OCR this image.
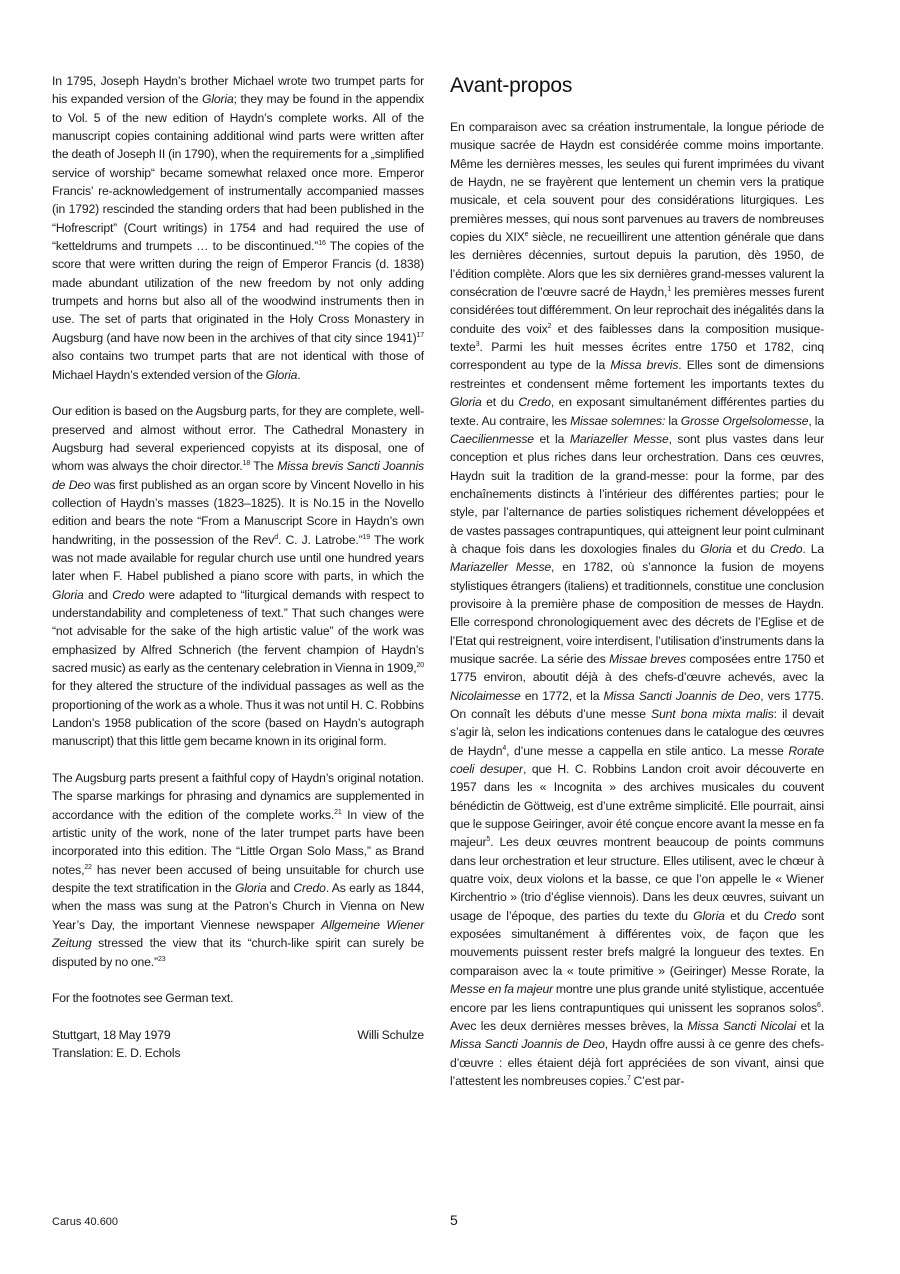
In 1795, Joseph Haydn’s brother Michael wrote two trumpet parts for his expanded version of the Gloria; they may be found in the appendix to Vol. 5 of the new edition of Haydn’s complete works. All of the manuscript copies containing additional wind parts were written after the death of Joseph II (in 1790), when the requirements for a „simplified service of worship“ became somewhat relaxed once more. Emperor Francis’ re-acknowledgement of instrumentally accompanied masses (in 1792) rescinded the standing orders that had been published in the “Hofrescript” (Court writings) in 1754 and had required the use of “ketteldrums and trumpets … to be discontinued.”$^{16}$ The copies of the score that were written during the reign of Emperor Francis (d. 1838) made abundant utilization of the new freedom by not only adding trumpets and horns but also all of the woodwind instruments then in use. The set of parts that originated in the Holy Cross Monastery in Augsburg (and have now been in the archives of that city since 1941)$^{17}$ also contains two trumpet parts that are not identical with those of Michael Haydn’s extended version of the Gloria.

Our edition is based on the Augsburg parts, for they are complete, well-preserved and almost without error. The Cathedral Monastery in Augsburg had several experienced copyists at its disposal, one of whom was always the choir director.$^{18}$ The Missa brevis Sancti Joannis de Deo was first published as an organ score by Vincent Novello in his collection of Haydn’s masses (1823–1825). It is No.15 in the Novello edition and bears the note “From a Manuscript Score in Haydn’s own handwriting, in the possession of the Rev$^d$. C. J. Latrobe.”$^{19}$ The work was not made available for regular church use until one hundred years later when F. Habel published a piano score with parts, in which the Gloria and Credo were adapted to “liturgical demands with respect to understandability and completeness of text.” That such changes were “not advisable for the sake of the high artistic value” of the work was emphasized by Alfred Schnerich (the fervent champion of Haydn’s sacred music) as early as the centenary celebration in Vienna in 1909,20 for they altered the structure of the individual passages as well as the proportioning of the work as a whole. Thus it was not until H. C. Robbins Landon’s 1958 publication of the score (based on Haydn’s autograph manuscript) that this little gem became known in its original form.

The Augsburg parts present a faithful copy of Haydn’s original notation. The sparse markings for phrasing and dynamics are supplemented in accordance with the edition of the complete works.$^{21}$ In view of the artistic unity of the work, none of the later trumpet parts have been incorporated into this edition. The “Little Organ Solo Mass,” as Brand notes,$^{22}$ has never been accused of being unsuitable for church use despite the text stratification in the Gloria and Credo. As early as 1844, when the mass was sung at the Patron’s Church in Vienna on New Year’s Day, the important Viennese newspaper Allgemeine Wiener Zeitung stressed the view that its “church-like spirit can surely be disputed by no one.”$^{23}$

For the footnotes see German text.

Stuttgart, 18 May 1979	Willi Schulze
Translation: E. D. Echols

Avant-propos

En comparaison avec sa création instrumentale, la longue période de musique sacrée de Haydn est considérée comme moins importante. Même les dernières messes, les seules qui furent imprimées du vivant de Haydn, ne se frayèrent que lentement un chemin vers la pratique musicale, et cela souvent pour des considérations liturgiques. Les premières messes, qui nous sont parvenues au travers de nombreuses copies du XIXe siècle, ne recueillirent une attention générale que dans les dernières décennies, surtout depuis la parution, dès 1950, de l’édition complète. Alors que les six dernières grand-messes valurent la consécration de l’œuvre sacré de Haydn,$^1$ les premières messes furent considérées tout différemment. On leur reprochait des inégalités dans la conduite des voix$^2$ et des faiblesses dans la composition musique-texte$^3$. Parmi les huit messes écrites entre 1750 et 1782, cinq correspondent au type de la Missa brevis. Elles sont de dimensions restreintes et condensent même fortement les importants textes du Gloria et du Credo, en exposant simultanément différentes parties du texte. Au contraire, les Missae solemnes: la Grosse Orgelsolomesse, la Caecilienmesse et la Mariazeller Messe, sont plus vastes dans leur conception et plus riches dans leur orchestration. Dans ces œuvres, Haydn suit la tradition de la grand-messe: pour la forme, par des enchaînements distincts à l’intérieur des différentes parties; pour le style, par l’alternance de parties solistiques richement développées et de vastes passages contrapuntiques, qui atteignent leur point culminant à chaque fois dans les doxologies finales du Gloria et du Credo. La Mariazeller Messe, en 1782, où s’annonce la fusion de moyens stylistiques étrangers (italiens) et traditionnels, constitue une conclusion provisoire à la première phase de composition de messes de Haydn. Elle correspond chronologiquement avec des décrets de l’Eglise et de l’Etat qui restreignent, voire interdisent, l’utilisation d’instruments dans la musique sacrée. La série des Missae breves composées entre 1750 et 1775 environ, aboutit déjà à des chefs-d’œuvre achevés, avec la Nicolaimesse en 1772, et la Missa Sancti Joannis de Deo, vers 1775. On connaît les débuts d’une messe Sunt bona mixta malis: il devait s’agir là, selon les indications contenues dans le catalogue des œuvres de Haydn$^4$, d’une messe a cappella en stile antico. La messe Rorate coeli desuper, que H. C. Robbins Landon croit avoir découverte en 1957 dans les « Incognita » des archives musicales du couvent bénédictin de Göttweig, est d’une extrême simplicité. Elle pourrait, ainsi que le suppose Geiringer, avoir été conçue encore avant la messe en fa majeur$^5$. Les deux œuvres montrent beaucoup de points communs dans leur orchestration et leur structure. Elles utilisent, avec le chœur à quatre voix, deux violons et la basse, ce que l’on appelle le « Wiener Kirchentrio » (trio d’église viennois). Dans les deux œuvres, suivant un usage de l’époque, des parties du texte du Gloria et du Credo sont exposées simultanément à différentes voix, de façon que les mouvements puissent rester brefs malgré la longueur des textes. En comparaison avec la « toute primitive » (Geiringer) Messe Rorate, la Messe en fa majeur montre une plus grande unité stylistique, accentuée encore par les liens contrapuntiques qui unissent les sopranos solos$^6$. Avec les deux dernières messes brèves, la Missa Sancti Nicolai et la Missa Sancti Joannis de Deo, Haydn offre aussi à ce genre des chefs-d’œuvre : elles étaient déjà fort appréciées de son vivant, ainsi que l’attestent les nombreuses copies.$^7$ C’est par-

Carus 40.600	5
